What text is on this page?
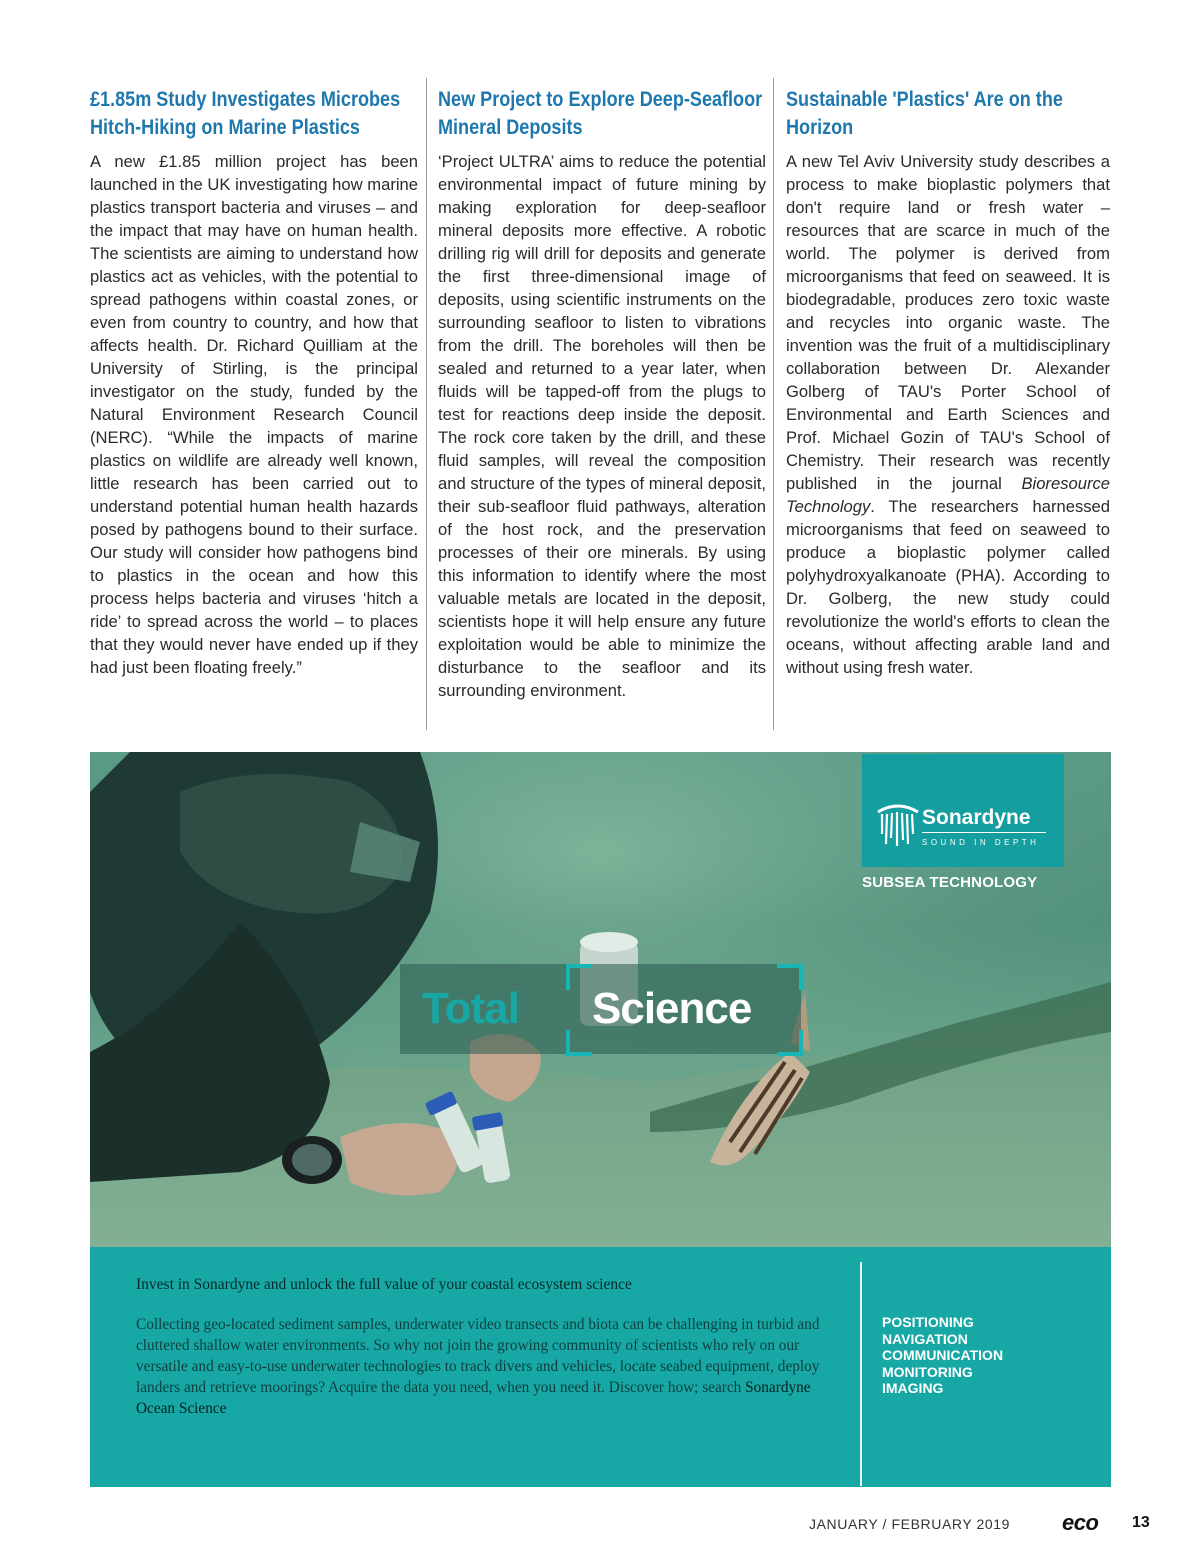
£1.85m Study Investigates Microbes Hitch-Hiking on Marine Plastics

A new £1.85 million project has been launched in the UK investigating how marine plastics transport bacteria and viruses – and the impact that may have on human health. The scientists are aiming to understand how plastics act as vehicles, with the potential to spread pathogens within coastal zones, or even from country to country, and how that affects health. Dr. Richard Quilliam at the University of Stirling, is the principal investigator on the study, funded by the Natural Environment Research Council (NERC). “While the impacts of marine plastics on wildlife are already well known, little research has been carried out to understand potential human health hazards posed by pathogens bound to their surface. Our study will consider how pathogens bind to plastics in the ocean and how this process helps bacteria and viruses ‘hitch a ride’ to spread across the world – to places that they would never have ended up if they had just been floating freely.”

New Project to Explore Deep-Seafloor Mineral Deposits

‘Project ULTRA’ aims to reduce the potential environmental impact of future mining by making exploration for deep-seafloor mineral deposits more effective. A robotic drilling rig will drill for deposits and generate the first three-dimensional image of deposits, using scientific instruments on the surrounding seafloor to listen to vibrations from the drill. The boreholes will then be sealed and returned to a year later, when fluids will be tapped-off from the plugs to test for reactions deep inside the deposit. The rock core taken by the drill, and these fluid samples, will reveal the composition and structure of the types of mineral deposit, their sub-seafloor fluid pathways, alteration of the host rock, and the preservation processes of their ore minerals. By using this information to identify where the most valuable metals are located in the deposit, scientists hope it will help ensure any future exploitation would be able to minimize the disturbance to the seafloor and its surrounding environment.

Sustainable 'Plastics' Are on the Horizon

A new Tel Aviv University study describes a process to make bioplastic polymers that don't require land or fresh water – resources that are scarce in much of the world. The polymer is derived from microorganisms that feed on seaweed. It is biodegradable, produces zero toxic waste and recycles into organic waste. The invention was the fruit of a multidisciplinary collaboration between Dr. Alexander Golberg of TAU's Porter School of Environmental and Earth Sciences and Prof. Michael Gozin of TAU's School of Chemistry. Their research was recently published in the journal Bioresource Technology. The researchers harnessed microorganisms that feed on seaweed to produce a bioplastic polymer called polyhydroxyalkanoate (PHA). According to Dr. Golberg, the new study could revolutionize the world's efforts to clean the oceans, without affecting arable land and without using fresh water.

Sonardyne
SOUND IN DEPTH
SUBSEA TECHNOLOGY
Total Science
Invest in Sonardyne and unlock the full value of your coastal ecosystem science
Collecting geo-located sediment samples, underwater video transects and biota can be challenging in turbid and cluttered shallow water environments. So why not join the growing community of scientists who rely on our versatile and easy-to-use underwater technologies to track divers and vehicles, locate seabed equipment, deploy landers and retrieve moorings? Acquire the data you need, when you need it. Discover how; search Sonardyne Ocean Science
POSITIONING
NAVIGATION
COMMUNICATION
MONITORING
IMAGING
JANUARY / FEBRUARY 2019 eco 13
